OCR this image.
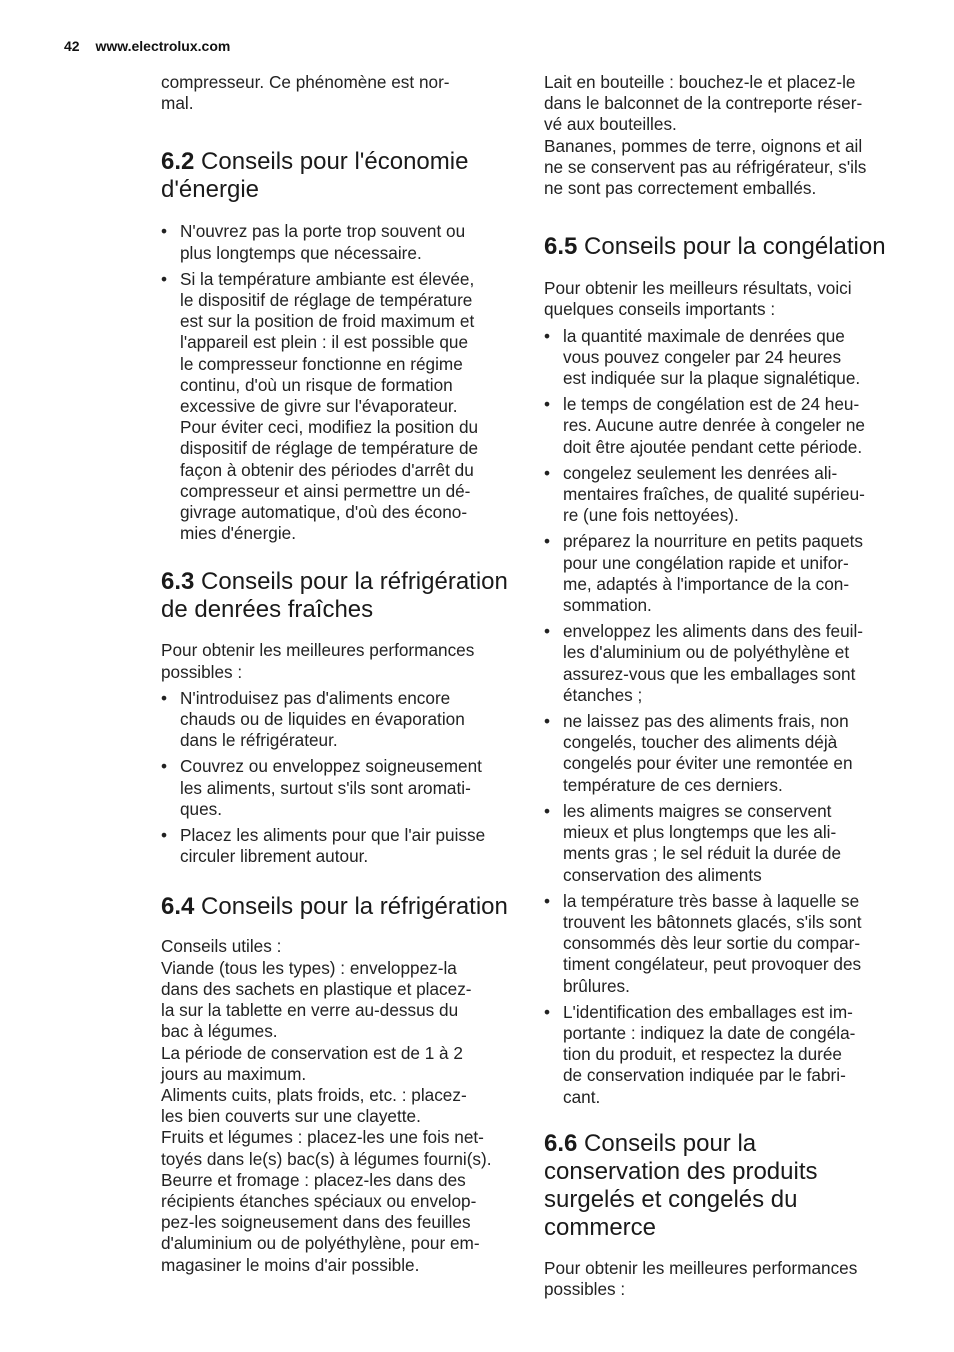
42 www.electrolux.com

compresseur. Ce phénomène est nor-
mal.

6.2 Conseils pour l'économie
d'énergie
• N'ouvrez pas la porte trop souvent ou
plus longtemps que nécessaire.
• Si la température ambiante est élevée,
le dispositif de réglage de température
est sur la position de froid maximum et
l'appareil est plein : il est possible que
le compresseur fonctionne en régime
continu, d'où un risque de formation
excessive de givre sur l'évaporateur.
Pour éviter ceci, modifiez la position du
dispositif de réglage de température de
façon à obtenir des périodes d'arrêt du
compresseur et ainsi permettre un dé-
givrage automatique, d'où des écono-
mies d'énergie.
6.3 Conseils pour la réfrigération
de denrées fraîches

Pour obtenir les meilleures performances
possibles :

• N'introduisez pas d'aliments encore
chauds ou de liquides en évaporation
dans le réfrigérateur.
• Couvrez ou enveloppez soigneusement
les aliments, surtout s'ils sont aromati-
ques.
• Placez les aliments pour que l'air puisse
circuler librement autour.
6.4 Conseils pour la réfrigération

Conseils utiles :
Viande (tous les types) : enveloppez-la
dans des sachets en plastique et placez-
la sur la tablette en verre au-dessus du
bac à légumes.
La période de conservation est de 1 à 2
jours au maximum.
Aliments cuits, plats froids, etc. : placez-
les bien couverts sur une clayette.
Fruits et légumes : placez-les une fois net-
toyés dans le(s) bac(s) à légumes fourni(s).
Beurre et fromage : placez-les dans des
récipients étanches spéciaux ou envelop-
pez-les soigneusement dans des feuilles
d'aluminium ou de polyéthylène, pour em-
magasiner le moins d'air possible.

Lait en bouteille : bouchez-le et placez-le
dans le balconnet de la contreporte réser-
vé aux bouteilles.
Bananes, pommes de terre, oignons et ail
ne se conservent pas au réfrigérateur, s'ils
ne sont pas correctement emballés.

6.5 Conseils pour la congélation

Pour obtenir les meilleurs résultats, voici
quelques conseils importants :

• la quantité maximale de denrées que
vous pouvez congeler par 24 heures
est indiquée sur la plaque signalétique.
• le temps de congélation est de 24 heu-
res. Aucune autre denrée à congeler ne
doit être ajoutée pendant cette période.
• congelez seulement les denrées ali-
mentaires fraîches, de qualité supérieu-
re (une fois nettoyées).
• préparez la nourriture en petits paquets
pour une congélation rapide et unifor-
me, adaptés à l'importance de la con-
sommation.
• enveloppez les aliments dans des feuil-
les d'aluminium ou de polyéthylène et
assurez-vous que les emballages sont
étanches ;
• ne laissez pas des aliments frais, non
congelés, toucher des aliments déjà
congelés pour éviter une remontée en
température de ces derniers.
• les aliments maigres se conservent
mieux et plus longtemps que les ali-
ments gras ; le sel réduit la durée de
conservation des aliments
• la température très basse à laquelle se
trouvent les bâtonnets glacés, s'ils sont
consommés dès leur sortie du compar-
timent congélateur, peut provoquer des
brûlures.
• L'identification des emballages est im-
portante : indiquez la date de congéla-
tion du produit, et respectez la durée
de conservation indiquée par le fabri-
cant.
6.6 Conseils pour la
conservation des produits
surgelés et congelés du
commerce

Pour obtenir les meilleures performances
possibles :
